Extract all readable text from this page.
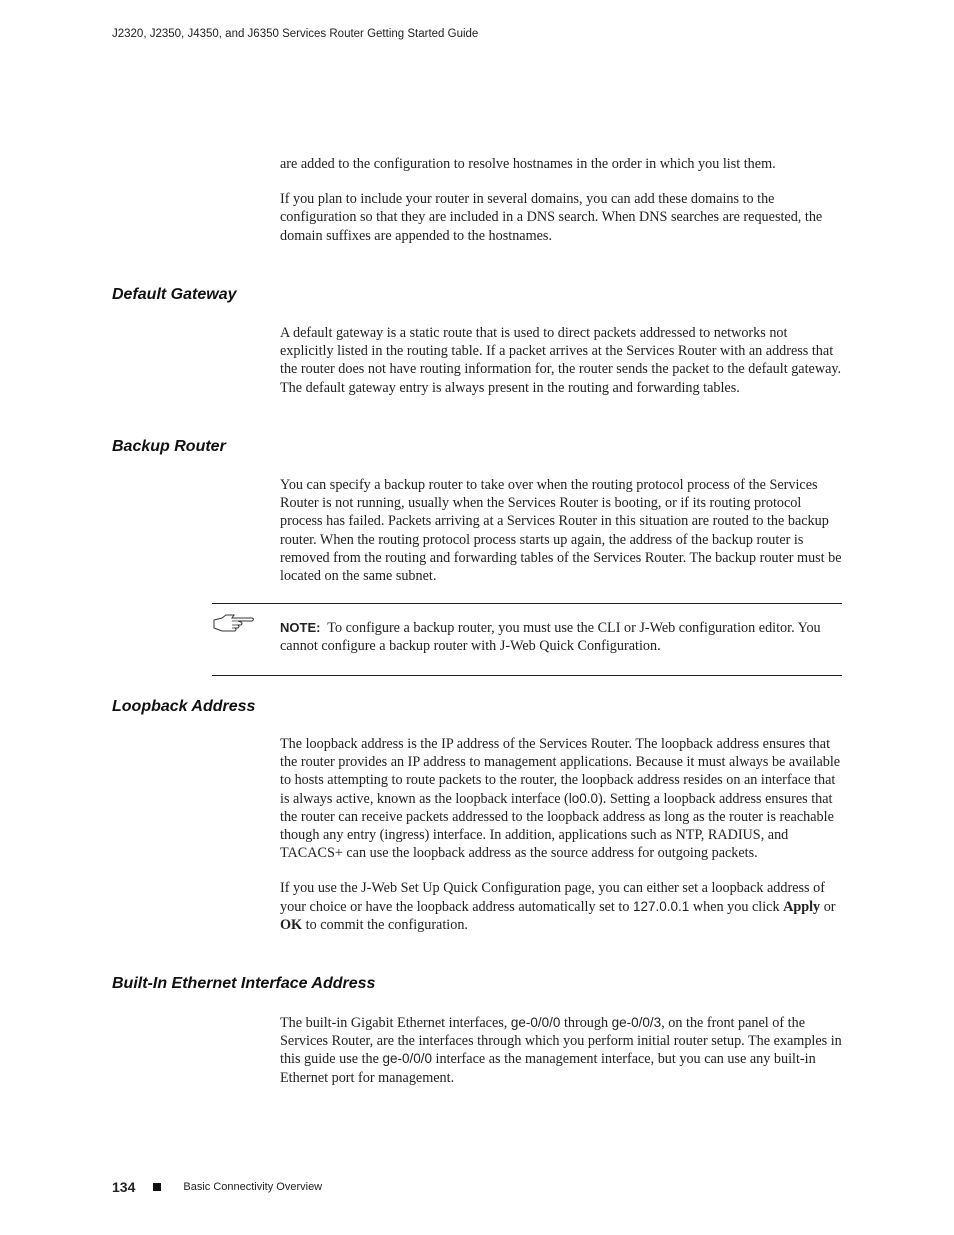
J2320, J2350, J4350, and J6350 Services Router Getting Started Guide

are added to the configuration to resolve hostnames in the order in which you list them.

If you plan to include your router in several domains, you can add these domains to the configuration so that they are included in a DNS search. When DNS searches are requested, the domain suffixes are appended to the hostnames.

Default Gateway

A default gateway is a static route that is used to direct packets addressed to networks not explicitly listed in the routing table. If a packet arrives at the Services Router with an address that the router does not have routing information for, the router sends the packet to the default gateway. The default gateway entry is always present in the routing and forwarding tables.

Backup Router

You can specify a backup router to take over when the routing protocol process of the Services Router is not running, usually when the Services Router is booting, or if its routing protocol process has failed. Packets arriving at a Services Router in this situation are routed to the backup router. When the routing protocol process starts up again, the address of the backup router is removed from the routing and forwarding tables of the Services Router. The backup router must be located on the same subnet.

NOTE: To configure a backup router, you must use the CLI or J-Web configuration editor. You cannot configure a backup router with J-Web Quick Configuration.

Loopback Address

The loopback address is the IP address of the Services Router. The loopback address ensures that the router provides an IP address to management applications. Because it must always be available to hosts attempting to route packets to the router, the loopback address resides on an interface that is always active, known as the loopback interface (lo0.0). Setting a loopback address ensures that the router can receive packets addressed to the loopback address as long as the router is reachable though any entry (ingress) interface. In addition, applications such as NTP, RADIUS, and TACACS+ can use the loopback address as the source address for outgoing packets.

If you use the J-Web Set Up Quick Configuration page, you can either set a loopback address of your choice or have the loopback address automatically set to 127.0.0.1 when you click Apply or OK to commit the configuration.

Built-In Ethernet Interface Address

The built-in Gigabit Ethernet interfaces, ge-0/0/0 through ge-0/0/3, on the front panel of the Services Router, are the interfaces through which you perform initial router setup. The examples in this guide use the ge-0/0/0 interface as the management interface, but you can use any built-in Ethernet port for management.

134	Basic Connectivity Overview
